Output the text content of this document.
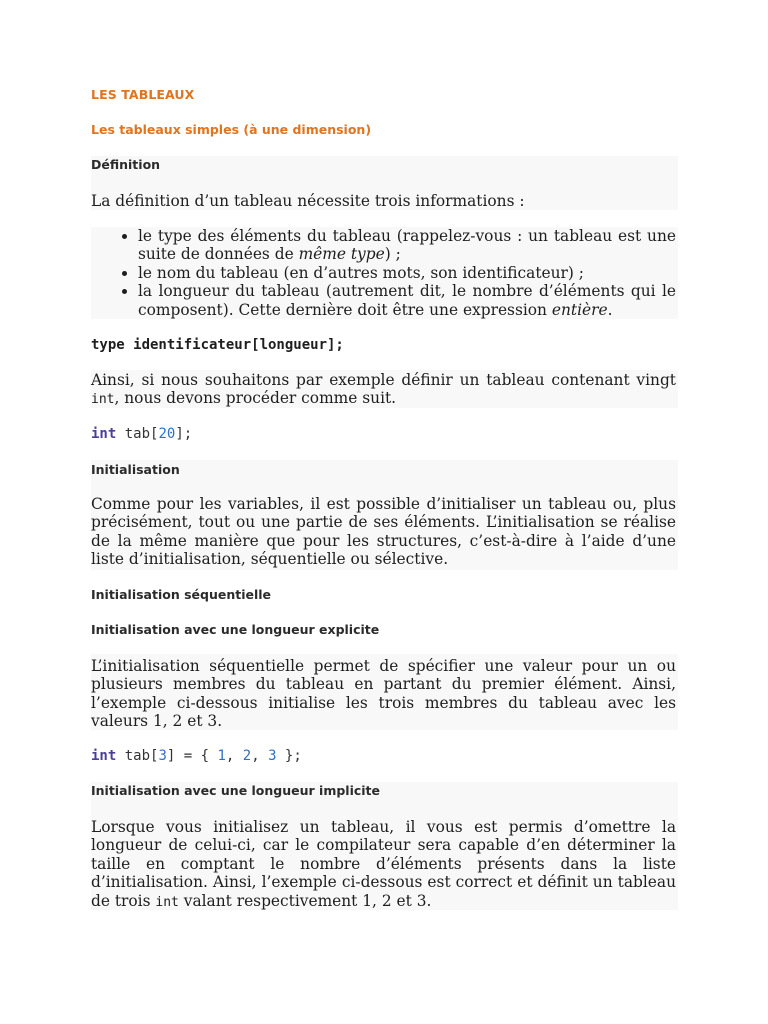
LES TABLEAUX
Les tableaux simples (à une dimension)
Définition

La définition d’un tableau nécessite trois informations :

• le type des éléments du tableau (rappelez-vous : un tableau est une suite de données de même type) ;
• le nom du tableau (en d’autres mots, son identificateur) ;
• la longueur du tableau (autrement dit, le nombre d’éléments qui le composent). Cette dernière doit être une expression entière.
type identificateur[longueur];

Ainsi, si nous souhaitons par exemple définir un tableau contenant vingt int, nous devons procéder comme suit.

int tab[20];
Initialisation

Comme pour les variables, il est possible d’initialiser un tableau ou, plus précisément, tout ou une partie de ses éléments. L’initialisation se réalise de la même manière que pour les structures, c’est-à-dire à l’aide d’une liste d’initialisation, séquentielle ou sélective.

Initialisation séquentielle
Initialisation avec une longueur explicite

L’initialisation séquentielle permet de spécifier une valeur pour un ou plusieurs membres du tableau en partant du premier élément. Ainsi, l’exemple ci-dessous initialise les trois membres du tableau avec les valeurs 1, 2 et 3.

int tab[3] = { 1, 2, 3 };
Initialisation avec une longueur implicite

Lorsque vous initialisez un tableau, il vous est permis d’omettre la longueur de celui-ci, car le compilateur sera capable d’en déterminer la taille en comptant le nombre d’éléments présents dans la liste d’initialisation. Ainsi, l’exemple ci-dessous est correct et définit un tableau de trois int valant respectivement 1, 2 et 3.
